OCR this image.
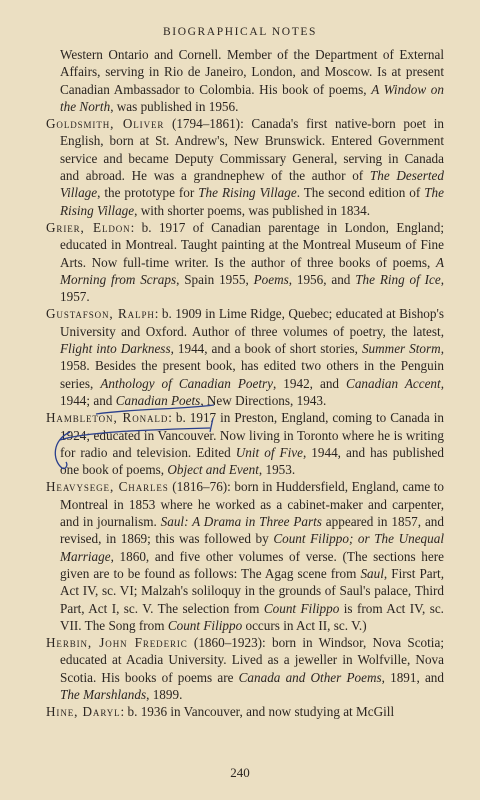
BIOGRAPHICAL NOTES

Western Ontario and Cornell. Member of the Department of External Affairs, serving in Rio de Janeiro, London, and Moscow. Is at present Canadian Ambassador to Colombia. His book of poems, A Window on the North, was published in 1956.

Goldsmith, Oliver (1794–1861): Canada's first native-born poet in English, born at St. Andrew's, New Brunswick. Entered Government service and became Deputy Commissary General, serving in Canada and abroad. He was a grandnephew of the author of The Deserted Village, the prototype for The Rising Village. The second edition of The Rising Village, with shorter poems, was published in 1834.

Grier, Eldon: b. 1917 of Canadian parentage in London, England; educated in Montreal. Taught painting at the Montreal Museum of Fine Arts. Now full-time writer. Is the author of three books of poems, A Morning from Scraps, Spain 1955, Poems, 1956, and The Ring of Ice, 1957.

Gustafson, Ralph: b. 1909 in Lime Ridge, Quebec; educated at Bishop's University and Oxford. Author of three volumes of poetry, the latest, Flight into Darkness, 1944, and a book of short stories, Summer Storm, 1958. Besides the present book, has edited two others in the Penguin series, Anthology of Canadian Poetry, 1942, and Canadian Accent, 1944; and Canadian Poets, New Directions, 1943.

Hambleton, Ronald: b. 1917 in Preston, England, coming to Canada in 1924; educated in Vancouver. Now living in Toronto where he is writing for radio and television. Edited Unit of Five, 1944, and has published one book of poems, Object and Event, 1953.

Heavysege, Charles (1816–76): born in Huddersfield, England, came to Montreal in 1853 where he worked as a cabinet-maker and carpenter, and in journalism. Saul: A Drama in Three Parts appeared in 1857, and revised, in 1869; this was followed by Count Filippo; or The Unequal Marriage, 1860, and five other volumes of verse. (The sections here given are to be found as follows: The Agag scene from Saul, First Part, Act IV, sc. VI; Malzah's soliloquy in the grounds of Saul's palace, Third Part, Act I, sc. V. The selection from Count Filippo is from Act IV, sc. VII. The Song from Count Filippo occurs in Act II, sc. V.)

Herbin, John Frederic (1860–1923): born in Windsor, Nova Scotia; educated at Acadia University. Lived as a jeweller in Wolfville, Nova Scotia. His books of poems are Canada and Other Poems, 1891, and The Marshlands, 1899.

Hine, Daryl: b. 1936 in Vancouver, and now studying at McGill

240
